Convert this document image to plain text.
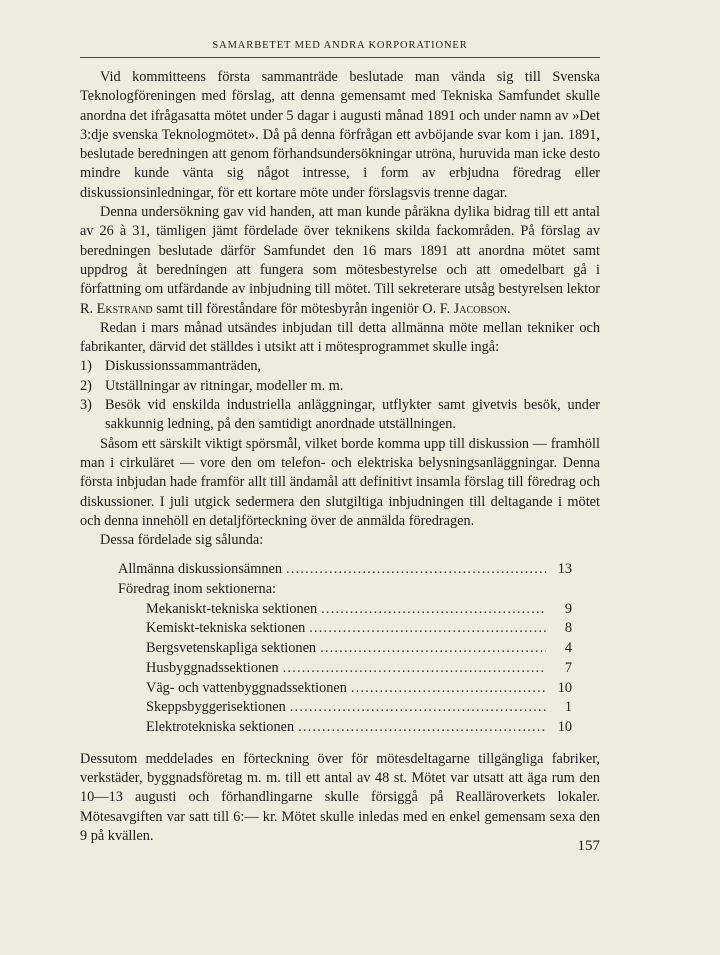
SAMARBETET MED ANDRA KORPORATIONER

Vid kommitteens första sammanträde beslutade man vända sig till Svenska Teknologföreningen med förslag, att denna gemensamt med Tekniska Samfundet skulle anordna det ifrågasatta mötet under 5 dagar i augusti månad 1891 och under namn av »Det 3:dje svenska Teknologmötet». Då på denna förfrågan ett avböjande svar kom i jan. 1891, beslutade beredningen att genom förhandsundersökningar utröna, huruvida man icke desto mindre kunde vänta sig något intresse, i form av erbjudna föredrag eller diskussionsinledningar, för ett kortare möte under förslagsvis trenne dagar.

Denna undersökning gav vid handen, att man kunde påräkna dylika bidrag till ett antal av 26 à 31, tämligen jämt fördelade över teknikens skilda fackområden. På förslag av beredningen beslutade därför Samfundet den 16 mars 1891 att anordna mötet samt uppdrog åt beredningen att fungera som mötesbestyrelse och att omedelbart gå i författning om utfärdande av inbjudning till mötet. Till sekreterare utsåg bestyrelsen lektor R. Ekstrand samt till föreståndare för mötesbyrån ingeniör O. F. Jacobson.

Redan i mars månad utsändes inbjudan till detta allmänna möte mellan tekniker och fabrikanter, därvid det ställdes i utsikt att i mötesprogrammet skulle ingå:

1) Diskussionssammanträden,
2) Utställningar av ritningar, modeller m. m.
3) Besök vid enskilda industriella anläggningar, utflykter samt givetvis besök, under sakkunnig ledning, på den samtidigt anordnade utställningen.

Såsom ett särskilt viktigt spörsmål, vilket borde komma upp till diskussion — framhöll man i cirkuläret — vore den om telefon- och elektriska belysningsanläggningar. Denna första inbjudan hade framför allt till ändamål att definitivt insamla förslag till föredrag och diskussioner. I juli utgick sedermera den slutgiltiga inbjudningen till deltagande i mötet och denna innehöll en detaljförteckning över de anmälda föredragen.

Dessa fördelade sig sålunda:

Allmänna diskussionsämnen .....	13
Föredrag inom sektionerna:
Mekaniskt-tekniska sektionen .....	9
Kemiskt-tekniska sektionen .....	8
Bergsvetenskapliga sektionen .....	4
Husbyggnadssektionen .....	7
Väg- och vattenbyggnadssektionen .....	10
Skeppsbyggerisektionen .....	1
Elektrotekniska sektionen .....	10

Dessutom meddelades en förteckning över för mötesdeltagarne tillgängliga fabriker, verkstäder, byggnadsföretag m. m. till ett antal av 48 st. Mötet var utsatt att äga rum den 10—13 augusti och förhandlingarne skulle försiggå på Realläroverkets lokaler. Mötesavgiften var satt till 6:— kr. Mötet skulle inledas med en enkel gemensam sexa den 9 på kvällen.

157
